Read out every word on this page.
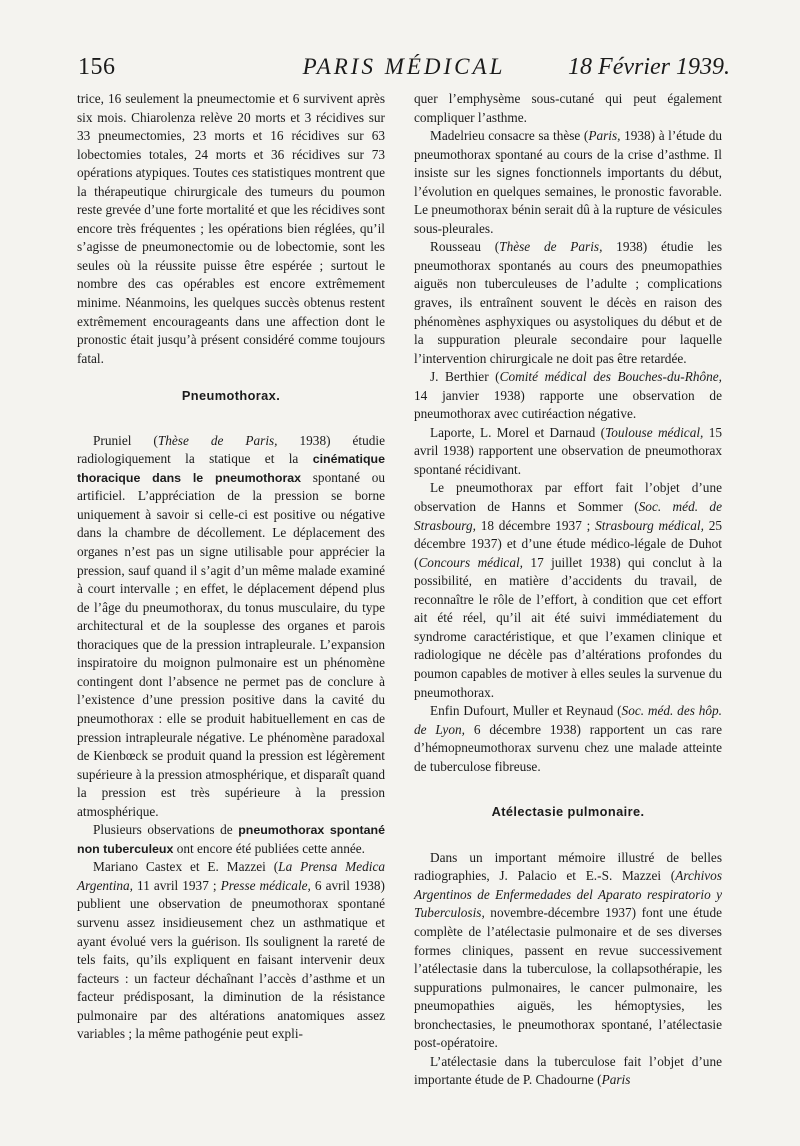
156	PARIS MÉDICAL	18 Février 1939.

trice, 16 seulement la pneumectomie et 6 survivent après six mois. Chiarolenza relève 20 morts et 3 récidives sur 33 pneumectomies, 23 morts et 16 récidives sur 63 lobectomies totales, 24 morts et 36 récidives sur 73 opérations atypiques. Toutes ces statistiques montrent que la thérapeutique chirurgicale des tumeurs du poumon reste grevée d’une forte mortalité et que les récidives sont encore très fréquentes ; les opérations bien réglées, qu’il s’agisse de pneumonectomie ou de lobectomie, sont les seules où la réussite puisse être espérée ; surtout le nombre des cas opérables est encore extrêmement minime. Néanmoins, les quelques succès obtenus restent extrêmement encourageants dans une affection dont le pronostic était jusqu’à présent considéré comme toujours fatal.

Pneumothorax.

Pruniel (Thèse de Paris, 1938) étudie radiologiquement la statique et la cinématique thoracique dans le pneumothorax spontané ou artificiel. L’appréciation de la pression se borne uniquement à savoir si celle-ci est positive ou négative dans la chambre de décollement. Le déplacement des organes n’est pas un signe utilisable pour apprécier la pression, sauf quand il s’agit d’un même malade examiné à court intervalle ; en effet, le déplacement dépend plus de l’âge du pneumothorax, du tonus musculaire, du type architectural et de la souplesse des organes et parois thoraciques que de la pression intrapleurale. L’expansion inspiratoire du moignon pulmonaire est un phénomène contingent dont l’absence ne permet pas de conclure à l’existence d’une pression positive dans la cavité du pneumothorax : elle se produit habituellement en cas de pression intrapleurale négative. Le phénomène paradoxal de Kienbœck se produit quand la pression est légèrement supérieure à la pression atmosphérique, et disparaît quand la pression est très supérieure à la pression atmosphérique.

Plusieurs observations de pneumothorax spontané non tuberculeux ont encore été publiées cette année.

Mariano Castex et E. Mazzei (La Prensa Medica Argentina, 11 avril 1937 ; Presse médicale, 6 avril 1938) publient une observation de pneumothorax spontané survenu assez insidieusement chez un asthmatique et ayant évolué vers la guérison. Ils soulignent la rareté de tels faits, qu’ils expliquent en faisant intervenir deux facteurs : un facteur déchaînant l’accès d’asthme et un facteur prédisposant, la diminution de la résistance pulmonaire par des altérations anatomiques assez variables ; la même pathogénie peut expli-

quer l’emphysème sous-cutané qui peut également compliquer l’asthme.

Madelrieu consacre sa thèse (Paris, 1938) à l’étude du pneumothorax spontané au cours de la crise d’asthme. Il insiste sur les signes fonctionnels importants du début, l’évolution en quelques semaines, le pronostic favorable. Le pneumothorax bénin serait dû à la rupture de vésicules sous-pleurales.

Rousseau (Thèse de Paris, 1938) étudie les pneumothorax spontanés au cours des pneumopathies aiguës non tuberculeuses de l’adulte ; complications graves, ils entraînent souvent le décès en raison des phénomènes asphyxiques ou asystoliques du début et de la suppuration pleurale secondaire pour laquelle l’intervention chirurgicale ne doit pas être retardée.

J. Berthier (Comité médical des Bouches-du-Rhône, 14 janvier 1938) rapporte une observation de pneumothorax avec cutiréaction négative.

Laporte, L. Morel et Darnaud (Toulouse médical, 15 avril 1938) rapportent une observation de pneumothorax spontané récidivant.

Le pneumothorax par effort fait l’objet d’une observation de Hanns et Sommer (Soc. méd. de Strasbourg, 18 décembre 1937 ; Strasbourg médical, 25 décembre 1937) et d’une étude médico-légale de Duhot (Concours médical, 17 juillet 1938) qui conclut à la possibilité, en matière d’accidents du travail, de reconnaître le rôle de l’effort, à condition que cet effort ait été réel, qu’il ait été suivi immédiatement du syndrome caractéristique, et que l’examen clinique et radiologique ne décèle pas d’altérations profondes du poumon capables de motiver à elles seules la survenue du pneumothorax.

Enfin Dufourt, Muller et Reynaud (Soc. méd. des hôp. de Lyon, 6 décembre 1938) rapportent un cas rare d’hémopneumothorax survenu chez une malade atteinte de tuberculose fibreuse.

Atélectasie pulmonaire.

Dans un important mémoire illustré de belles radiographies, J. Palacio et E.-S. Mazzei (Archivos Argentinos de Enfermedades del Aparato respiratorio y Tuberculosis, novembre-décembre 1937) font une étude complète de l’atélectasie pulmonaire et de ses diverses formes cliniques, passent en revue successivement l’atélectasie dans la tuberculose, la collapsothérapie, les suppurations pulmonaires, le cancer pulmonaire, les pneumopathies aiguës, les hémoptysies, les bronchectasies, le pneumothorax spontané, l’atélectasie post-opératoire.

L’atélectasie dans la tuberculose fait l’objet d’une importante étude de P. Chadourne (Paris
